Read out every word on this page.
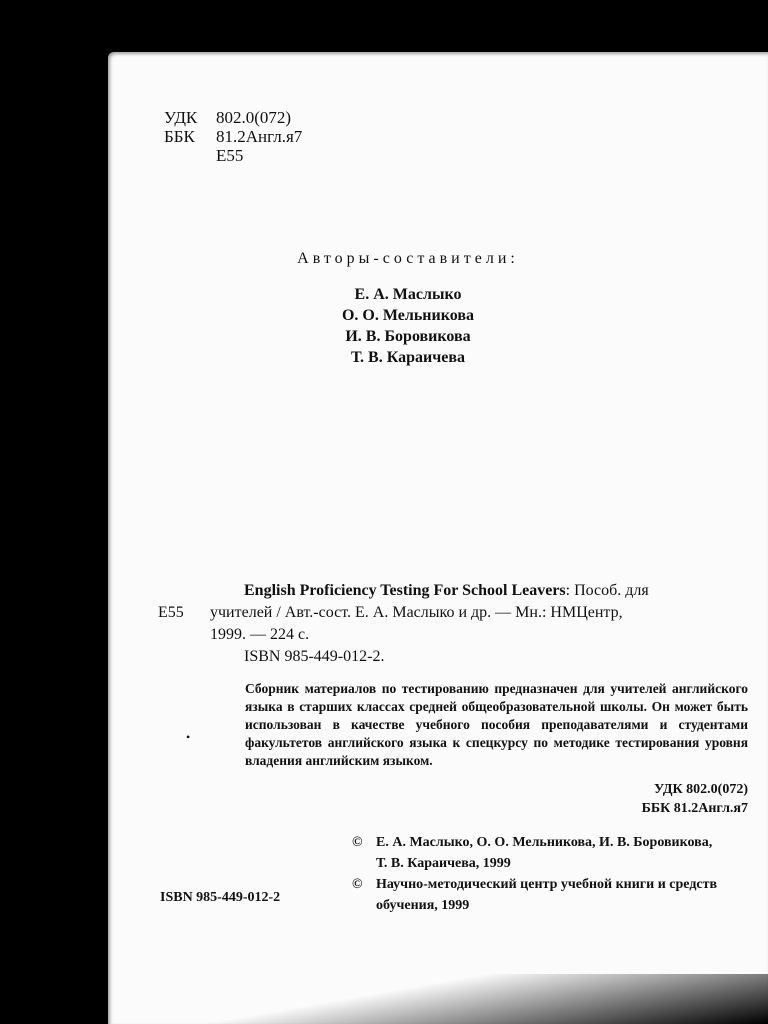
УДК	802.0(072)
ББК	81.2Англ.я7
Е55
Авторы-составители:
Е. А. Маслыко
О. О. Мельникова
И. В. Боровикова
Т. В. Караичева
English Proficiency Testing For School Leavers: Пособ. для
Е55 учителей / Авт.-сост. Е. А. Маслыко и др. — Мн.: НМЦентр,
1999. — 224 с.
ISBN 985-449-012-2.
•
Сборник материалов по тестированию предназначен для учителей английского языка в старших классах средней общеобразовательной школы. Он может быть использован в качестве учебного пособия преподавателями и студентами факультетов английского языка к спецкурсу по методике тестирования уровня владения английским языком.
УДК 802.0(072)
ББК 81.2Англ.я7
© Е. А. Маслыко, О. О. Мельникова, И. В. Боровикова,
Т. В. Караичева, 1999
© Научно-методический центр учебной книги и средств
обучения, 1999
ISBN 985-449-012-2
